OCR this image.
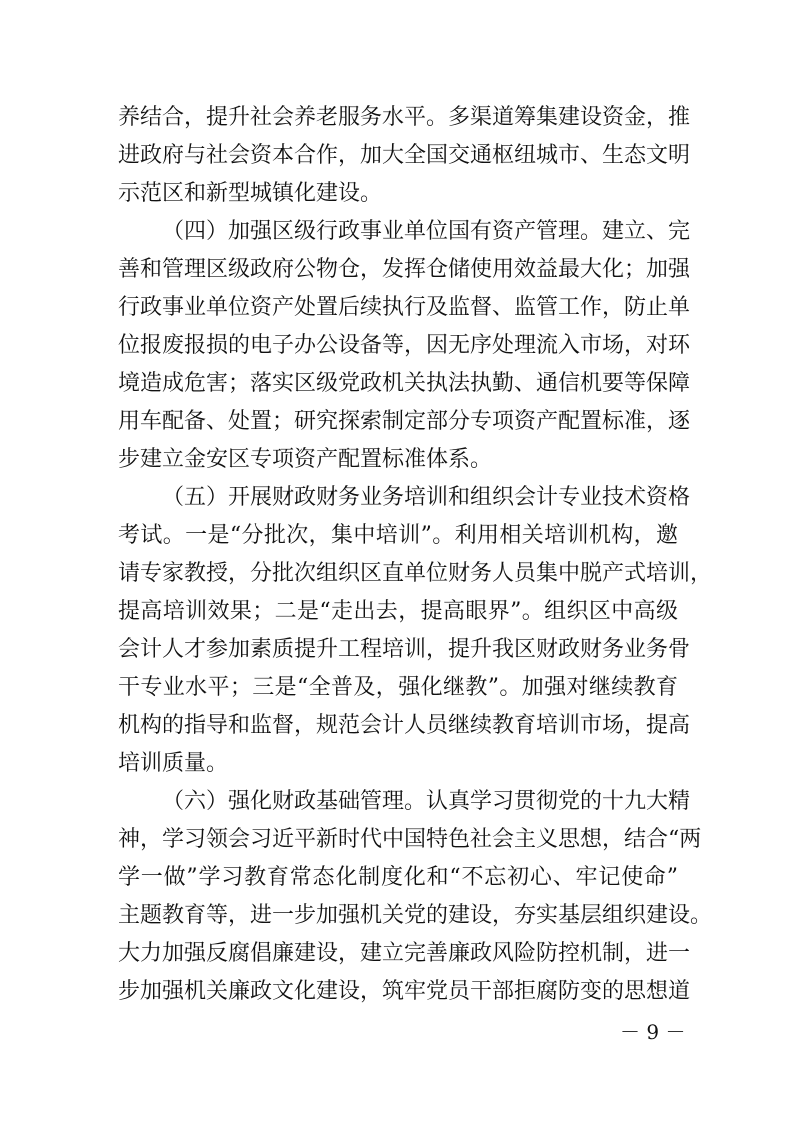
养结合，提升社会养老服务水平。多渠道筹集建设资金，推
进政府与社会资本合作，加大全国交通枢纽城市、生态文明
示范区和新型城镇化建设。
（四）加强区级行政事业单位国有资产管理。建立、完
善和管理区级政府公物仓，发挥仓储使用效益最大化；加强
行政事业单位资产处置后续执行及监督、监管工作，防止单
位报废报损的电子办公设备等，因无序处理流入市场，对环
境造成危害；落实区级党政机关执法执勤、通信机要等保障
用车配备、处置；研究探索制定部分专项资产配置标准，逐
步建立金安区专项资产配置标准体系。
（五）开展财政财务业务培训和组织会计专业技术资格
考试。一是“分批次，集中培训”。利用相关培训机构，邀
请专家教授，分批次组织区直单位财务人员集中脱产式培训，
提高培训效果；二是“走出去，提高眼界”。组织区中高级
会计人才参加素质提升工程培训，提升我区财政财务业务骨
干专业水平；三是“全普及，强化继教”。加强对继续教育
机构的指导和监督，规范会计人员继续教育培训市场，提高
培训质量。
（六）强化财政基础管理。认真学习贯彻党的十九大精
神，学习领会习近平新时代中国特色社会主义思想，结合“两
学一做”学习教育常态化制度化和“不忘初心、牢记使命”
主题教育等，进一步加强机关党的建设，夯实基层组织建设。
大力加强反腐倡廉建设，建立完善廉政风险防控机制，进一
步加强机关廉政文化建设，筑牢党员干部拒腐防变的思想道
－ 9 －
